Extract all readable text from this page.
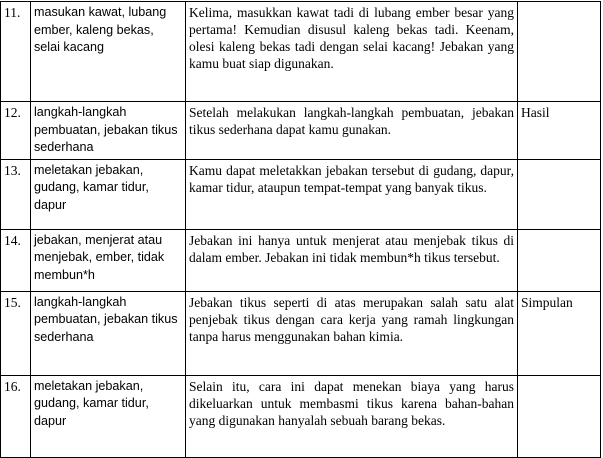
11.	masukan kawat, lubang ember, kaleng bekas, selai kacang	Kelima, masukkan kawat tadi di lubang ember besar yang pertama! Kemudian disusul kaleng bekas tadi. Keenam, olesi kaleng bekas tadi dengan selai kacang! Jebakan yang kamu buat siap digunakan.	
12.	langkah-langkah pembuatan, jebakan tikus sederhana	Setelah melakukan langkah-langkah pembuatan, jebakan tikus sederhana dapat kamu gunakan.	Hasil
13.	meletakan jebakan, gudang, kamar tidur, dapur	Kamu dapat meletakkan jebakan tersebut di gudang, dapur, kamar tidur, ataupun tempat-tempat yang banyak tikus.	
14.	jebakan, menjerat atau menjebak, ember, tidak membun*h	Jebakan ini hanya untuk menjerat atau menjebak tikus di dalam ember. Jebakan ini tidak membun*h tikus tersebut.	
15.	langkah-langkah pembuatan, jebakan tikus sederhana	Jebakan tikus seperti di atas merupakan salah satu alat penjebak tikus dengan cara kerja yang ramah lingkungan tanpa harus menggunakan bahan kimia.	Simpulan
16.	meletakan jebakan, gudang, kamar tidur, dapur	Selain itu, cara ini dapat menekan biaya yang harus dikeluarkan untuk membasmi tikus karena bahan-bahan yang digunakan hanyalah sebuah barang bekas.	
